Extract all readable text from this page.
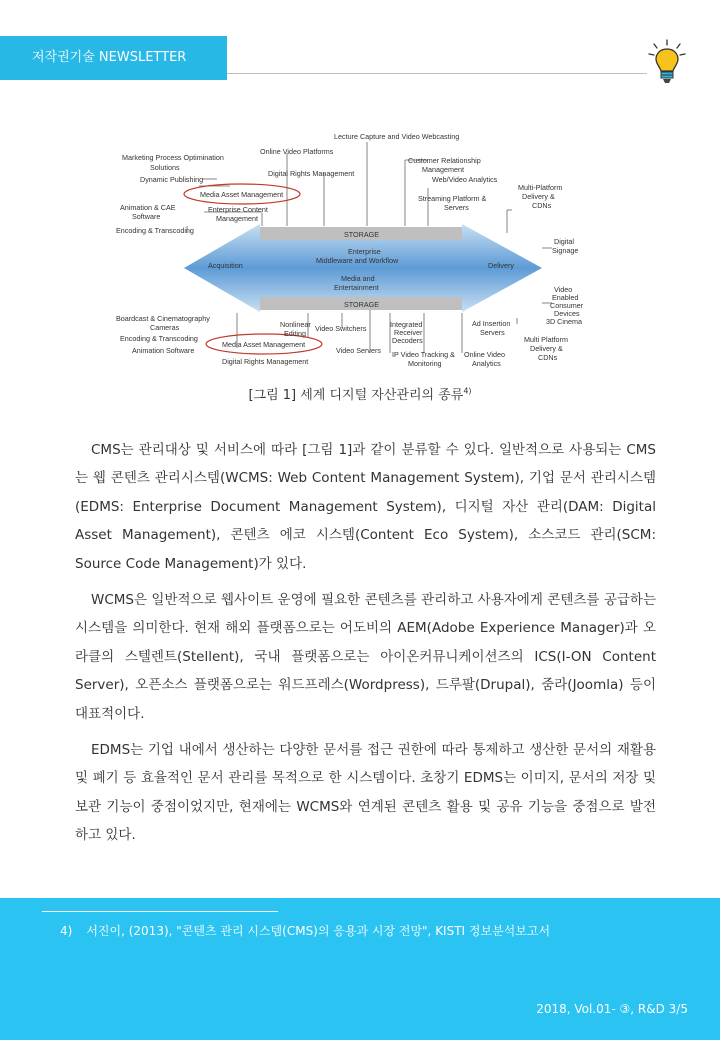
저작권기술 NEWSLETTER
Lecture Capture and Video Webcasting
Online Video Platforms
Marketing Process Optimination
Solutions
Dynamic Publishing
Digital Rights Management
Customer Relationship
Management
Web/Video Analytics
Media Asset Management
Animation & CAE
Software
Enterprise Content
Management
Streaming Platform &
Servers
Multi-Platform
Delivery &
CDNs
Encoding & Transcoding	STORAGE
Enterprise
Middleware and Workflow
Acquisition	Delivery
Media and
Entertainment
Digital
Signage
STORAGE
Video
Enabled
Consumer
Devices
3D Cinema
Boardcast & Cinematography
Cameras
Encoding & Transcoding
Animation Software
Nonlinear
Editing
Video Switchers	Integrated
Receiver
Decoders
Ad Insertion
Servers
Media Asset Management
Video Servers IP Video Tracking &
Monitoring
Online Video
Analytics
Multi Platform
Delivery &
CDNs
Digital Rights Management
[그림 1] 세계 디지털 자산관리의 종류$^{4)}$

CMS는 관리대상 및 서비스에 따라 [그림 1]과 같이 분류할 수 있다. 일반적으로 사용되는 CMS는 웹 콘텐츠 관리시스템(WCMS: Web Content Management System), 기업 문서 관리시스템(EDMS: Enterprise Document Management System), 디지털 자산 관리(DAM: Digital Asset Management), 콘텐츠 에코 시스템(Content Eco System), 소스코드 관리(SCM: Source Code Management)가 있다.

WCMS은 일반적으로 웹사이트 운영에 필요한 콘텐츠를 관리하고 사용자에게 콘텐츠를 공급하는 시스템을 의미한다. 현재 해외 플랫폼으로는 어도비의 AEM(Adobe Experience Manager)과 오라클의 스텔렌트(Stellent), 국내 플랫폼으로는 아이온커뮤니케이션즈의 ICS(I-ON Content Server), 오픈소스 플랫폼으로는 워드프레스(Wordpress), 드루팔(Drupal), 줌라(Joomla) 등이 대표적이다.

EDMS는 기업 내에서 생산하는 다양한 문서를 접근 권한에 따라 통제하고 생산한 문서의 재활용 및 폐기 등 효율적인 문서 관리를 목적으로 한 시스템이다. 초창기 EDMS는 이미지, 문서의 저장 및 보관 기능이 중점이었지만, 현재에는 WCMS와 연계된 콘텐츠 활용 및 공유 기능을 중점으로 발전하고 있다.

4) 서진이, (2013), "콘텐츠 관리 시스템(CMS)의 응용과 시장 전망", KISTI 정보분석보고서
2018, Vol.01- ③, R&D 3/5
